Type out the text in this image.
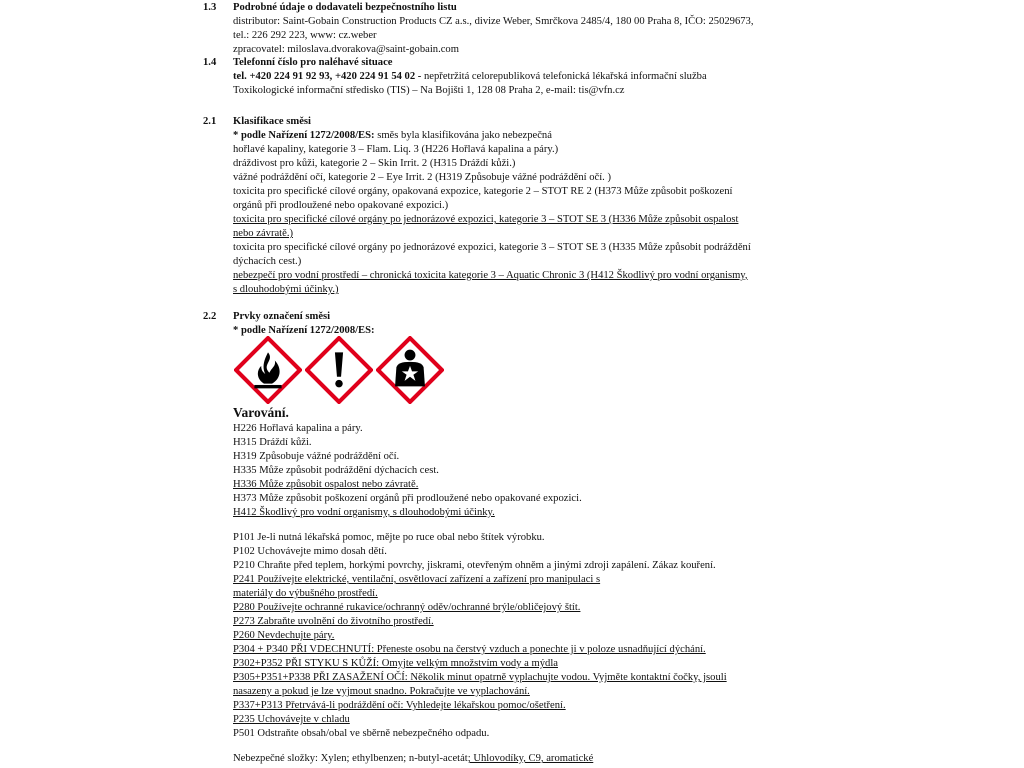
1.3 Podrobné údaje o dodavateli bezpečnostního listu
distributor: Saint-Gobain Construction Products CZ a.s., divize Weber, Smrčkova 2485/4, 180 00 Praha 8, IČO: 25029673,
tel.: 226 292 223, www: cz.weber
zpracovatel: miloslava.dvorakova@saint-gobain.com
1.4 Telefonní číslo pro naléhavé situace
tel. +420 224 91 92 93, +420 224 91 54 02 - nepřetržitá celorepubliková telefonická lékařská informační služba
Toxikologické informační středisko (TIS) – Na Bojišti 1, 128 08 Praha 2, e-mail: tis@vfn.cz
2.1 Klasifikace směsi
* podle Nařízení 1272/2008/ES: směs byla klasifikována jako nebezpečná
hořlavé kapaliny, kategorie 3 – Flam. Liq. 3 (H226 Hořlavá kapalina a páry.)
dráždivost pro kůži, kategorie 2 – Skin Irrit. 2 (H315 Dráždí kůži.)
vážné podráždění očí, kategorie 2 – Eye Irrit. 2 (H319 Způsobuje vážné podráždění očí. )
toxicita pro specifické cílové orgány, opakovaná expozice, kategorie 2 – STOT RE 2 (H373 Může způsobit poškození
orgánů při prodloužené nebo opakované expozici.)
toxicita pro specifické cílové orgány po jednorázové expozici, kategorie 3 – STOT SE 3 (H336 Může způsobit ospalost
nebo závratě.)
toxicita pro specifické cílové orgány po jednorázové expozici, kategorie 3 – STOT SE 3 (H335 Může způsobit podráždění
dýchacích cest.)
nebezpečí pro vodní prostředí – chronická toxicita kategorie 3 – Aquatic Chronic 3 (H412 Škodlivý pro vodní organismy,
s dlouhodobými účinky.)
2.2 Prvky označení směsi
* podle Nařízení 1272/2008/ES:
Varování.
H226 Hořlavá kapalina a páry.
H315 Dráždí kůži.
H319 Způsobuje vážné podráždění očí.
H335 Může způsobit podráždění dýchacích cest.
H336 Může způsobit ospalost nebo závratě.
H373 Může způsobit poškození orgánů při prodloužené nebo opakované expozici.
H412 Škodlivý pro vodní organismy, s dlouhodobými účinky.
P101 Je-li nutná lékařská pomoc, mějte po ruce obal nebo štítek výrobku.
P102 Uchovávejte mimo dosah dětí.
P210 Chraňte před teplem, horkými povrchy, jiskrami, otevřeným ohněm a jinými zdroji zapálení. Zákaz kouření.
P241 Používejte elektrické, ventilační, osvětlovací zařízení a zařízení pro manipulaci s
materiály do výbušného prostředí.
P280 Používejte ochranné rukavice/ochranný oděv/ochranné brýle/obličejový štít.
P273 Zabraňte uvolnění do životního prostředí.
P260 Nevdechujte páry.
P304 + P340 PŘI VDECHNUTÍ: Přeneste osobu na čerstvý vzduch a ponechte ji v poloze usnadňující dýchání.
P302+P352 PŘI STYKU S KŮŽÍ: Omyjte velkým množstvím vody a mýdla
P305+P351+P338 PŘI ZASAŽENÍ OČÍ: Několik minut opatrně vyplachujte vodou. Vyjměte kontaktní čočky, jsouli
nasazeny a pokud je lze vyjmout snadno. Pokračujte ve vyplachování.
P337+P313 Přetrvává-li podráždění očí: Vyhledejte lékařskou pomoc/ošetření.
P235 Uchovávejte v chladu
P501 Odstraňte obsah/obal ve sběrně nebezpečného odpadu.
Nebezpečné složky: Xylen; ethylbenzen; n-butyl-acetát; Uhlovodíky, C9, aromatické
